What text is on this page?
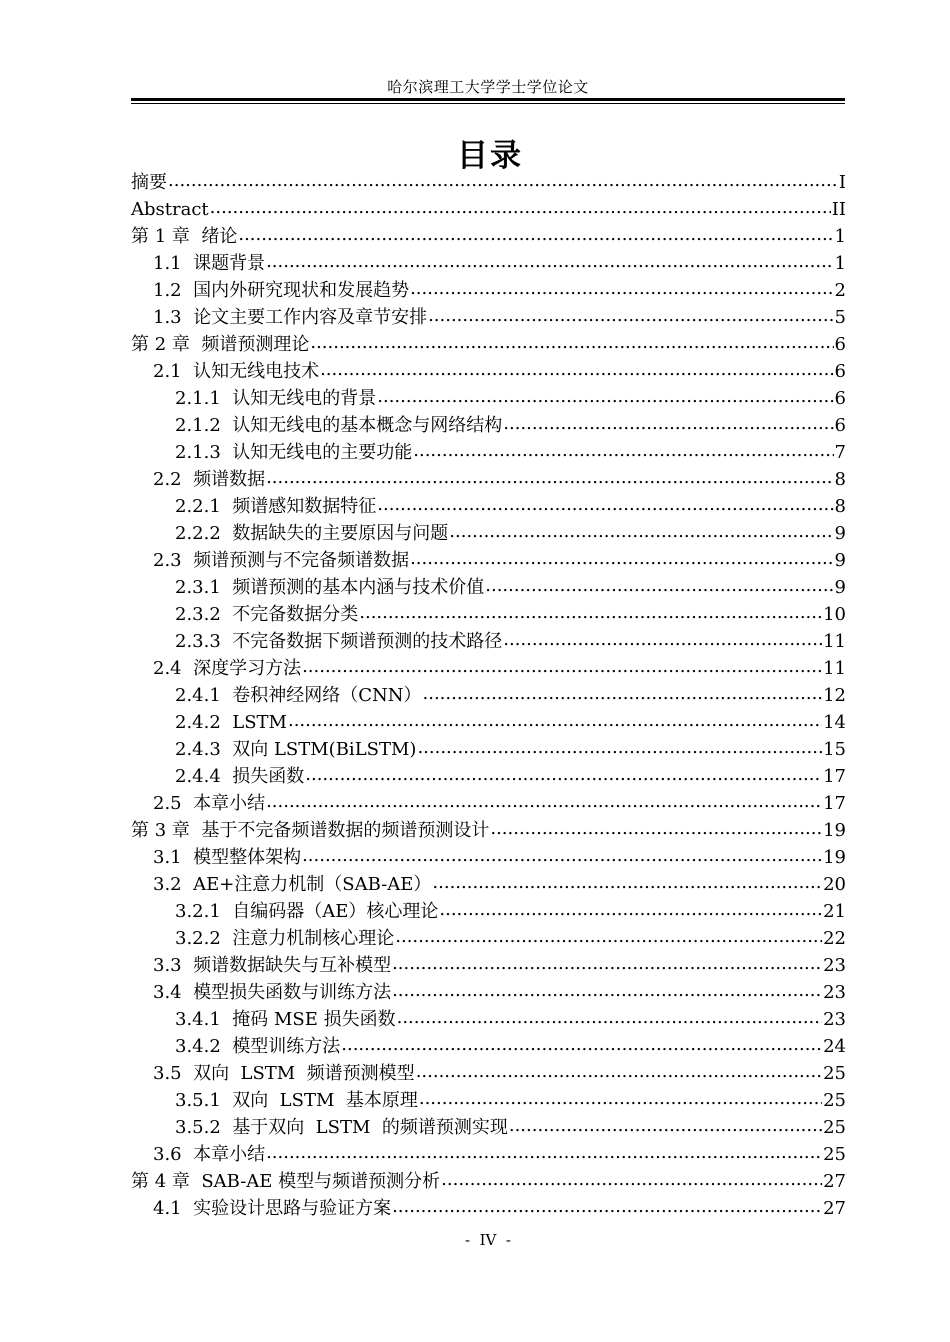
哈尔滨理工大学学士学位论文
目录
摘要 .....	I
Abstract .....	II
第 1 章  绪论 .....	1
1.1  课题背景 .....	1
1.2  国内外研究现状和发展趋势 .....	2
1.3  论文主要工作内容及章节安排 .....	5
第 2 章  频谱预测理论 .....	6
2.1  认知无线电技术 .....	6
2.1.1  认知无线电的背景 .....	6
2.1.2  认知无线电的基本概念与网络结构 .....	6
2.1.3  认知无线电的主要功能 .....	7
2.2  频谱数据 .....	8
2.2.1  频谱感知数据特征 .....	8
2.2.2  数据缺失的主要原因与问题 .....	9
2.3  频谱预测与不完备频谱数据 .....	9
2.3.1  频谱预测的基本内涵与技术价值 .....	9
2.3.2  不完备数据分类 .....	10
2.3.3  不完备数据下频谱预测的技术路径 .....	11
2.4  深度学习方法 .....	11
2.4.1  卷积神经网络（CNN） .....	12
2.4.2  LSTM .....	14
2.4.3  双向 LSTM(BiLSTM) .....	15
2.4.4  损失函数 .....	17
2.5  本章小结 .....	17
第 3 章  基于不完备频谱数据的频谱预测设计 .....	19
3.1  模型整体架构 .....	19
3.2  AE+注意力机制（SAB-AE） .....	20
3.2.1  自编码器（AE）核心理论 .....	21
3.2.2  注意力机制核心理论 .....	22
3.3  频谱数据缺失与互补模型 .....	23
3.4  模型损失函数与训练方法 .....	23
3.4.1  掩码 MSE 损失函数 .....	23
3.4.2  模型训练方法 .....	24
3.5  双向  LSTM  频谱预测模型 .....	25
3.5.1  双向  LSTM  基本原理 .....	25
3.5.2  基于双向  LSTM  的频谱预测实现 .....	25
3.6  本章小结 .....	25
第 4 章  SAB-AE 模型与频谱预测分析 .....	27
4.1  实验设计思路与验证方案 .....	27
-  IV  -
